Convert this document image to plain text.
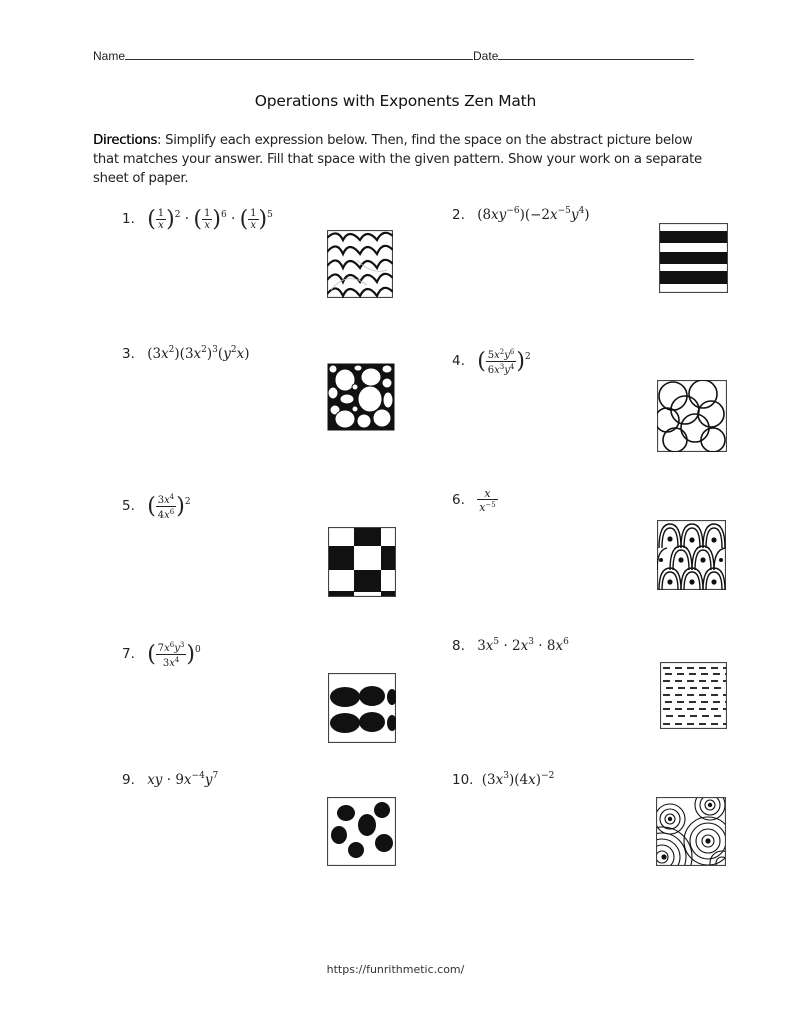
Name	Date
Operations with Exponents Zen Math
Directions: Simplify each expression below. Then, find the space on the abstract picture below that matches your answer. Fill that space with the given pattern. Show your work on a separate sheet of paper.
1. ( $\frac{1}{x} )^2$ · ( $\frac{1}{x} )^6$ · ( $\frac{1}{x} )^5$	2. $(8xy^{-6})(-2x^{-5}y^4)$
3. $(3x^2)(3x^2)^3(y^2x)$	4. ( $\frac{5x^2y^6}{6x^3y^4} )^2$
5. ( $\frac{3x^4}{4x^6} )^2$	6. $\frac{x}{x^{-5}}$
7. ( $\frac{7x^6y^3}{3x^4} )^0$	8. $3x^5 \cdot 2x^3 \cdot 8x^6$
9. xy · $9x^{-4}y^7$	10. $(3x^3)(4x)^{-2}$
https://funrithmetic.com/
